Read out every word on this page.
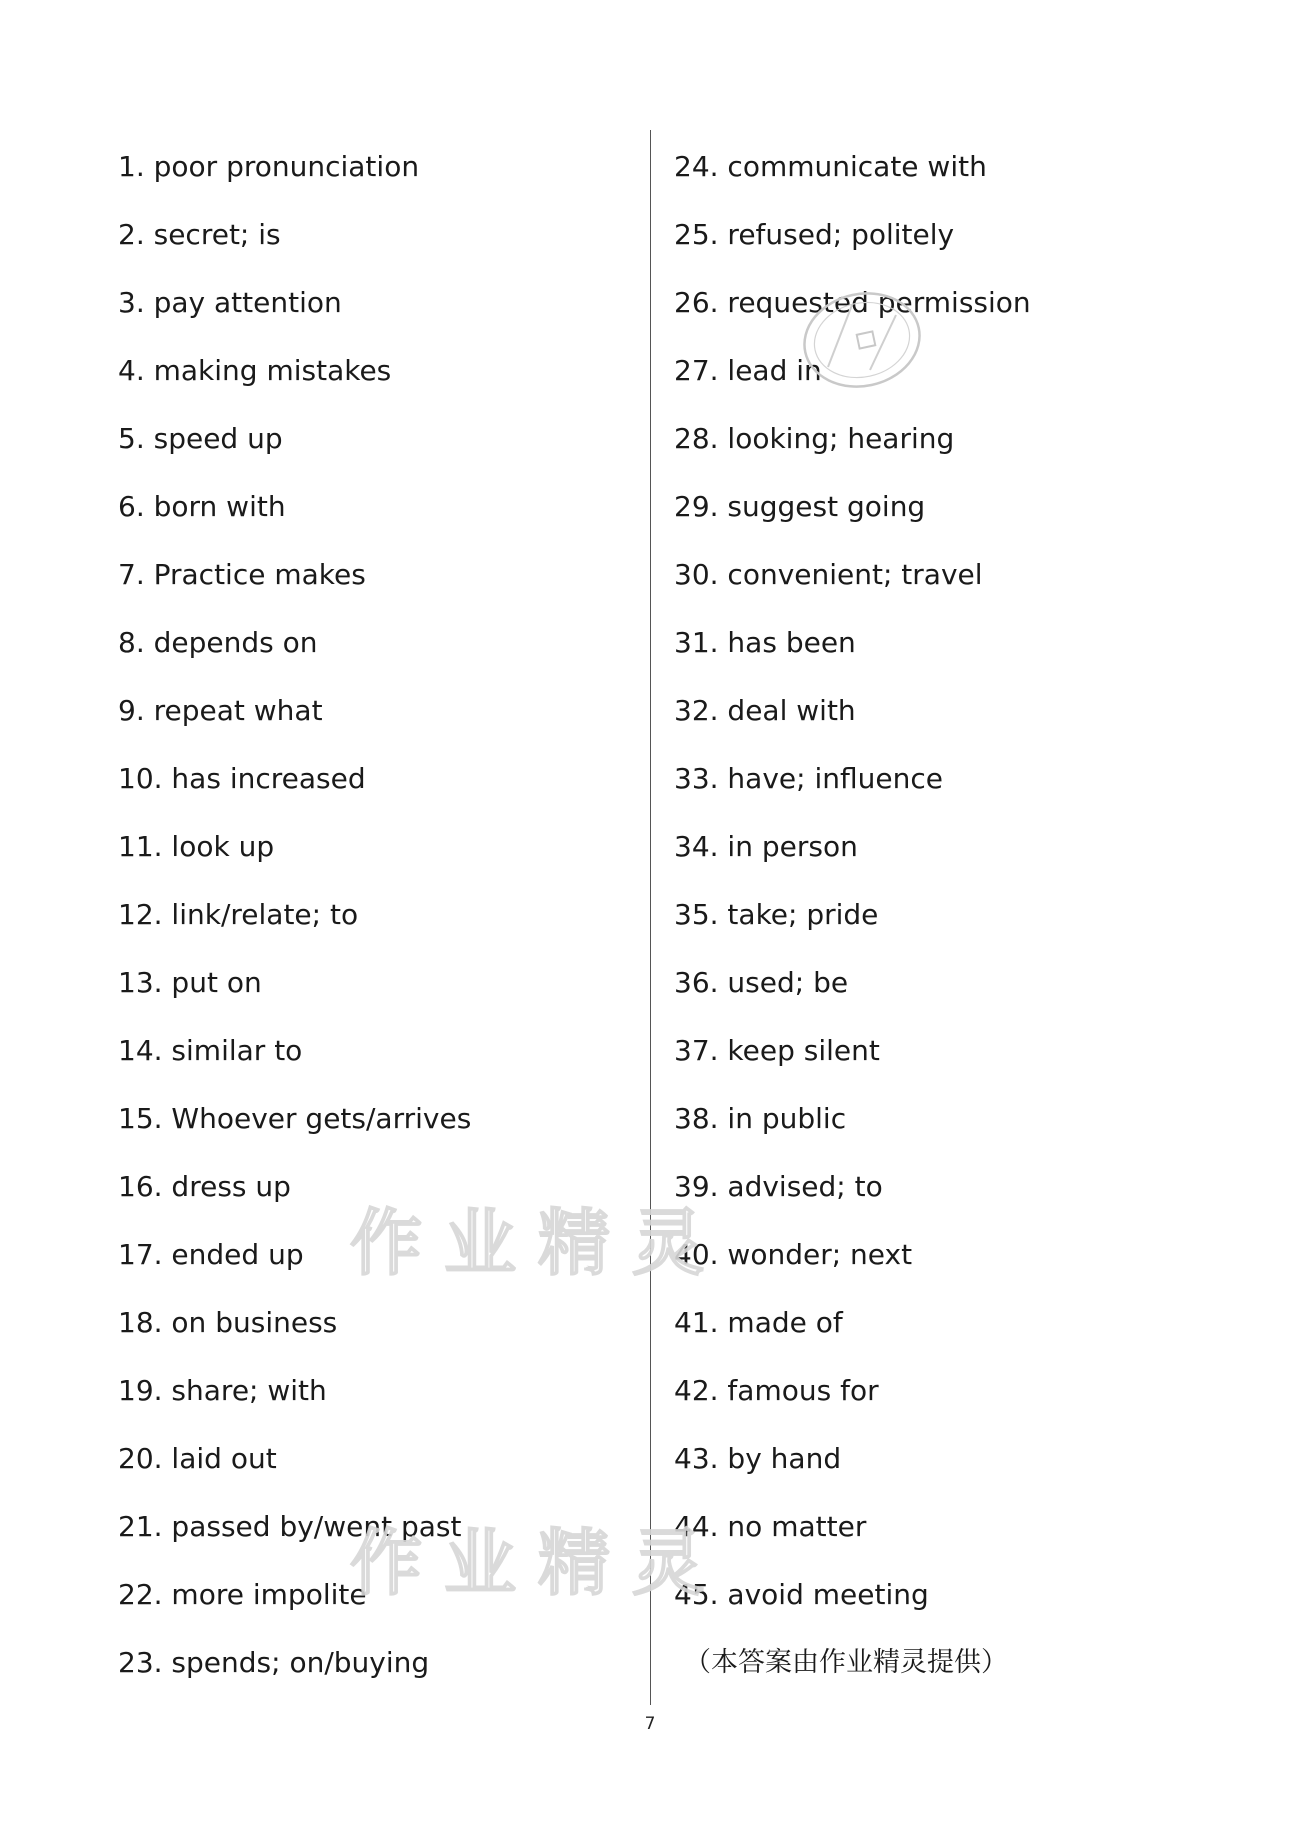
1. poor pronunciation
2. secret; is
3. pay attention
4. making mistakes
5. speed up
6. born with
7. Practice makes
8. depends on
9. repeat what
10. has increased
11. look up
12. link/relate; to
13. put on
14. similar to
15. Whoever gets/arrives
16. dress up
17. ended up
18. on business
19. share; with
20. laid out
21. passed by/went past
22. more impolite
23. spends; on/buying
24. communicate with
25. refused; politely
26. requested permission
27. lead in
28. looking; hearing
29. suggest going
30. convenient; travel
31. has been
32. deal with
33. have; influence
34. in person
35. take; pride
36. used; be
37. keep silent
38. in public
39. advised; to
40. wonder; next
41. made of
42. famous for
43. by hand
44. no matter
45. avoid meeting
（本答案由作业精灵提供）
7
作业精灵
作业精灵
